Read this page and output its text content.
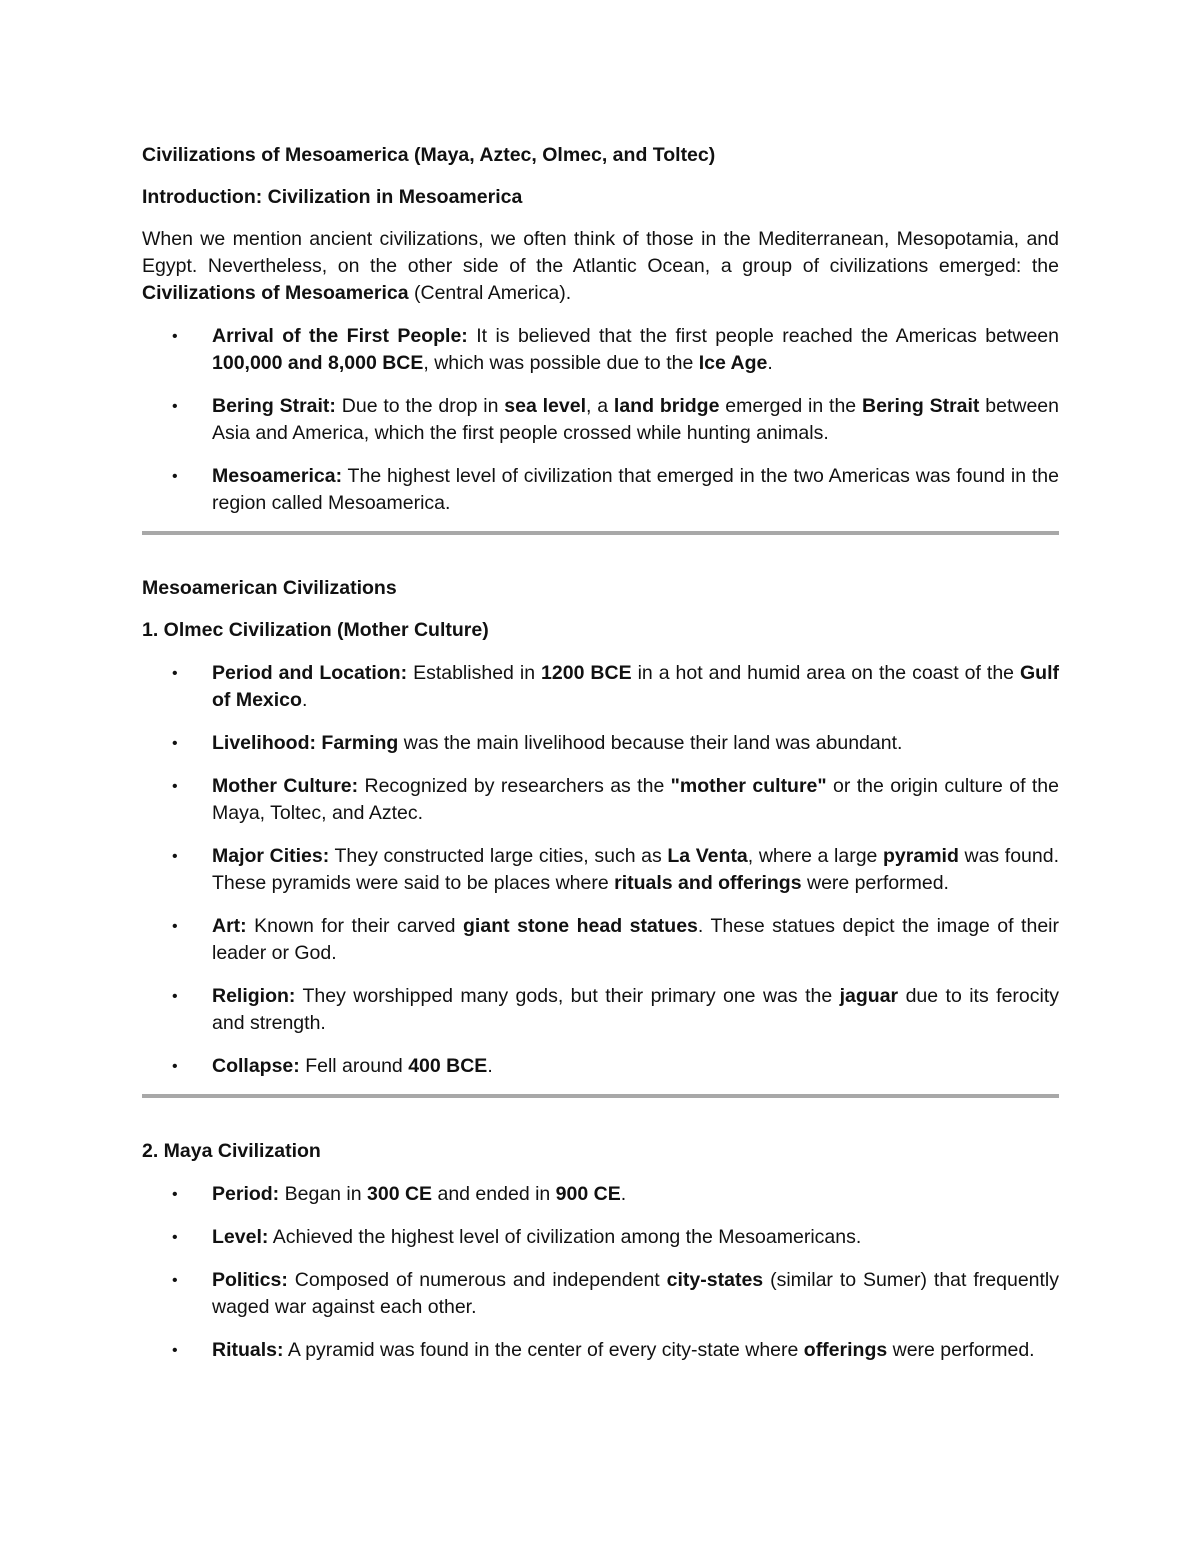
Civilizations of Mesoamerica (Maya, Aztec, Olmec, and Toltec)
Introduction: Civilization in Mesoamerica

When we mention ancient civilizations, we often think of those in the Mediterranean, Mesopotamia, and Egypt. Nevertheless, on the other side of the Atlantic Ocean, a group of civilizations emerged: the Civilizations of Mesoamerica (Central America).

• Arrival of the First People: It is believed that the first people reached the Americas between 100,000 and 8,000 BCE, which was possible due to the Ice Age.
• Bering Strait: Due to the drop in sea level, a land bridge emerged in the Bering Strait between Asia and America, which the first people crossed while hunting animals.
• Mesoamerica: The highest level of civilization that emerged in the two Americas was found in the region called Mesoamerica.
Mesoamerican Civilizations
1. Olmec Civilization (Mother Culture)
• Period and Location: Established in 1200 BCE in a hot and humid area on the coast of the Gulf of Mexico.
• Livelihood: Farming was the main livelihood because their land was abundant.
• Mother Culture: Recognized by researchers as the "mother culture" or the origin culture of the Maya, Toltec, and Aztec.
• Major Cities: They constructed large cities, such as La Venta, where a large pyramid was found. These pyramids were said to be places where rituals and offerings were performed.
• Art: Known for their carved giant stone head statues. These statues depict the image of their leader or God.
• Religion: They worshipped many gods, but their primary one was the jaguar due to its ferocity and strength.
• Collapse: Fell around 400 BCE.
2. Maya Civilization
• Period: Began in 300 CE and ended in 900 CE.
• Level: Achieved the highest level of civilization among the Mesoamericans.
• Politics: Composed of numerous and independent city-states (similar to Sumer) that frequently waged war against each other.
• Rituals: A pyramid was found in the center of every city-state where offerings were performed.
